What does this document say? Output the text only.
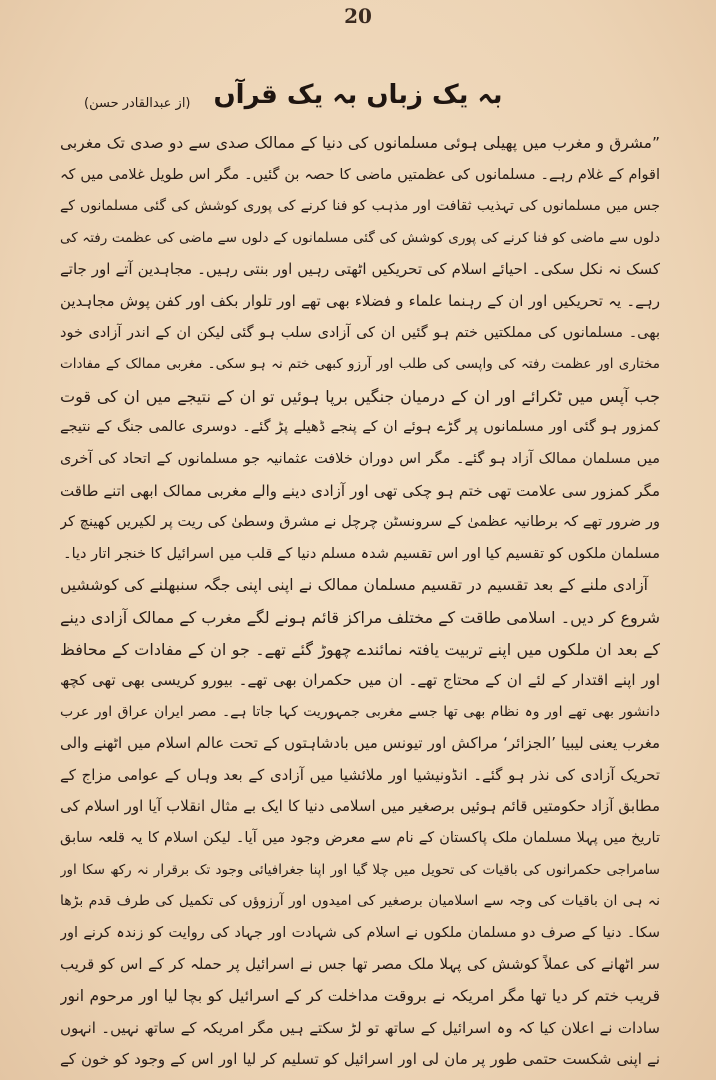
20
(از عبدالقادر حسن) بہ یک زباں بہ یک قرآں
”مشرق و مغرب میں پھیلی ہوئی مسلمانوں کی دنیا کے ممالک صدی سے دو صدی تک مغربی
اقوام کے غلام رہے۔ مسلمانوں کی عظمتیں ماضی کا حصہ بن گئیں۔ مگر اس طویل غلامی میں کہ
جس میں مسلمانوں کی تہذیب ثقافت اور مذہب کو فنا کرنے کی پوری کوشش کی گئی مسلمانوں کے
دلوں سے ماضی کو فنا کرنے کی پوری کوشش کی گئی مسلمانوں کے دلوں سے ماضی کی عظمت رفتہ کی
کسک نہ نکل سکی۔ احیائے اسلام کی تحریکیں اٹھتی رہیں اور بنتی رہیں۔ مجاہدین آتے اور جاتے
رہے۔ یہ تحریکیں اور ان کے رہنما علماء و فضلاء بھی تھے اور تلوار بکف اور کفن پوش مجاہدین
بھی۔ مسلمانوں کی مملکتیں ختم ہو گئیں ان کی آزادی سلب ہو گئی لیکن ان کے اندر آزادی خود
مختاری اور عظمت رفتہ کی واپسی کی طلب اور آرزو کبھی ختم نہ ہو سکی۔ مغربی ممالک کے مفادات
جب آپس میں ٹکرائے اور ان کے درمیان جنگیں برپا ہوئیں تو ان کے نتیجے میں ان کی قوت
کمزور ہو گئی اور مسلمانوں پر گڑے ہوئے ان کے پنجے ڈھیلے پڑ گئے۔ دوسری عالمی جنگ کے نتیجے
میں مسلمان ممالک آزاد ہو گئے۔ مگر اس دوران خلافت عثمانیہ جو مسلمانوں کے اتحاد کی آخری
مگر کمزور سی علامت تھی ختم ہو چکی تھی اور آزادی دینے والے مغربی ممالک ابھی اتنے طاقت
ور ضرور تھے کہ برطانیہ عظمیٰ کے سرونسٹن چرچل نے مشرق وسطیٰ کی ریت پر لکیریں کھینچ کر
مسلمان ملکوں کو تقسیم کیا اور اس تقسیم شدہ مسلم دنیا کے قلب میں اسرائیل کا خنجر اتار دیا۔
آزادی ملنے کے بعد تقسیم در تقسیم مسلمان ممالک نے اپنی اپنی جگہ سنبھلنے کی کوششیں
شروع کر دیں۔ اسلامی طاقت کے مختلف مراکز قائم ہونے لگے مغرب کے ممالک آزادی دینے
کے بعد ان ملکوں میں اپنے تربیت یافتہ نمائندے چھوڑ گئے تھے۔ جو ان کے مفادات کے محافظ
اور اپنے اقتدار کے لئے ان کے محتاج تھے۔ ان میں حکمران بھی تھے۔ بیورو کریسی بھی تھی کچھ
دانشور بھی تھے اور وہ نظام بھی تھا جسے مغربی جمہوریت کہا جاتا ہے۔ مصر ایران عراق اور عرب
مغرب یعنی لیبیا ’الجزائر‘ مراکش اور تیونس میں بادشاہتوں کے تحت عالم اسلام میں اٹھنے والی
تحریک آزادی کی نذر ہو گئے۔ انڈونیشیا اور ملائشیا میں آزادی کے بعد وہاں کے عوامی مزاج کے
مطابق آزاد حکومتیں قائم ہوئیں برصغیر میں اسلامی دنیا کا ایک بے مثال انقلاب آیا اور اسلام کی
تاریخ میں پہلا مسلمان ملک پاکستان کے نام سے معرض وجود میں آیا۔ لیکن اسلام کا یہ قلعہ سابق
سامراجی حکمرانوں کی باقیات کی تحویل میں چلا گیا اور اپنا جغرافیائی وجود تک برقرار نہ رکھ سکا اور
نہ ہی ان باقیات کی وجہ سے اسلامیان برصغیر کی امیدوں اور آرزوؤں کی تکمیل کی طرف قدم بڑھا
سکا۔ دنیا کے صرف دو مسلمان ملکوں نے اسلام کی شہادت اور جہاد کی روایت کو زندہ کرنے اور
سر اٹھانے کی عملاً کوشش کی پہلا ملک مصر تھا جس نے اسرائیل پر حملہ کر کے اس کو قریب
قریب ختم کر دیا تھا مگر امریکہ نے بروقت مداخلت کر کے اسرائیل کو بچا لیا اور مرحوم انور
سادات نے اعلان کیا کہ وہ اسرائیل کے ساتھ تو لڑ سکتے ہیں مگر امریکہ کے ساتھ نہیں۔ انہوں
نے اپنی شکست حتمی طور پر مان لی اور اسرائیل کو تسلیم کر لیا اور اس کے وجود کو خون کے
